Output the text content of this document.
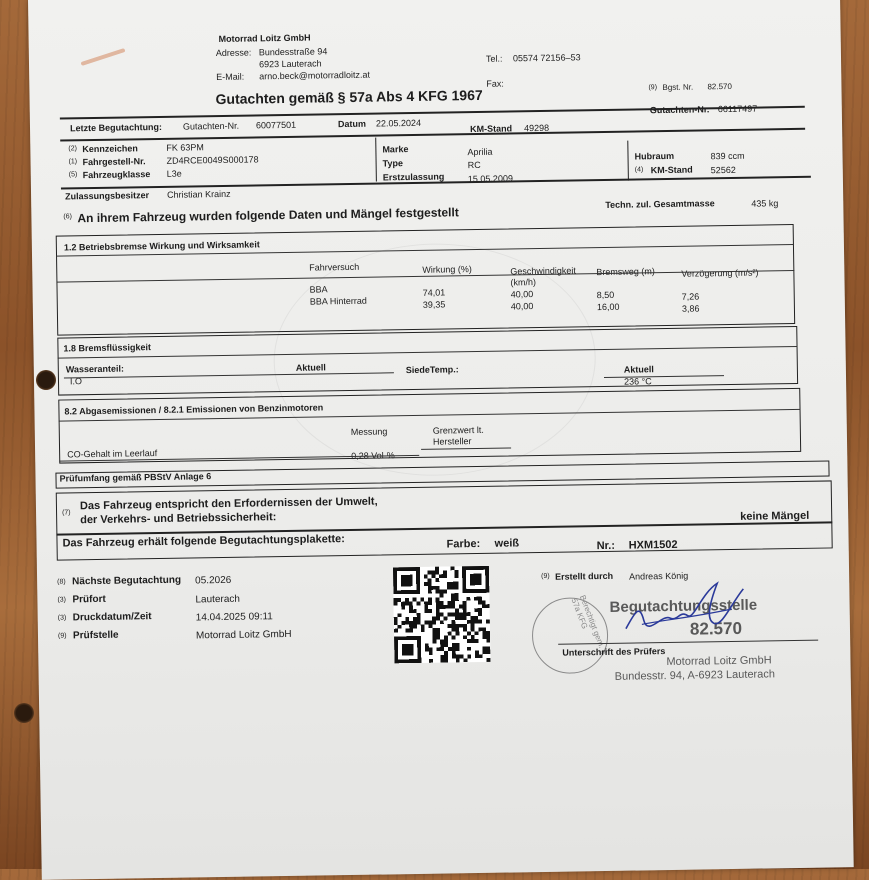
Motorrad Loitz GmbH
Adresse: Bundesstraße 94
6923 Lauterach
E-Mail: arno.beck@motorradloitz.at
Tel.: 05574 72156–53
Fax:	(9) Bgst. Nr. 82.570
Gutachten gemäß § 57a Abs 4 KFG 1967
Gutachten-Nr. 66117497
Letzte Begutachtung: Gutachten-Nr. 60077501	Datum 22.05.2024
KM-Stand 49298
(2) Kennzeichen	FK 63PM
(1) Fahrgestell-Nr. ZD4RCE0049S000178
(5) Fahrzeugklasse L3e
Marke	Aprilia
Type	RC
Erstzulassung	15.05.2009
Hubraum	839 ccm
(4) KM-Stand 52562
Zulassungsbesitzer Christian Krainz
Techn. zul. Gesamtmasse	435 kg
(6) An ihrem Fahrzeug wurden folgende Daten und Mängel festgestellt
1.2 Betriebsbremse Wirkung und Wirksamkeit
Fahrversuch	Wirkung (%)	Geschwindigkeit
(km/h)
Bremsweg (m)	Verzögerung (m/s²)
BBA	74,01	40,00	8,50	7,26
BBA Hinterrad	39,35	40,00	16,00	3,86
1.8 Bremsflüssigkeit
Wasseranteil:	Aktuell	SiedeTemp.:	Aktuell
I.O	236 °C
8.2 Abgasemissionen / 8.2.1 Emissionen von Benzinmotoren
Messung	Grenzwert lt.
Hersteller
CO-Gehalt im Leerlauf	0,28 Vol-%
Prüfumfang gemäß PBStV Anlage 6
(7)
Das Fahrzeug entspricht den Erfordernissen der Umwelt,
der Verkehrs- und Betriebssicherheit:	keine Mängel
Das Fahrzeug erhält folgende Begutachtungsplakette:	Farbe: weiß	Nr.: HXM1502
(8) Nächste Begutachtung 05.2026
(3) Prüfort	Lauterach
(3) Druckdatum/Zeit	14.04.2025 09:11
(9) Prüfstelle	Motorrad Loitz GmbH
(9) Erstellt durch Andreas König
Berechtigt gem. § 57a KFG	Begutachtungsstelle
82.570
Unterschrift des Prüfers
Motorrad Loitz GmbH
Bundesstr. 94, A-6923 Lauterach
